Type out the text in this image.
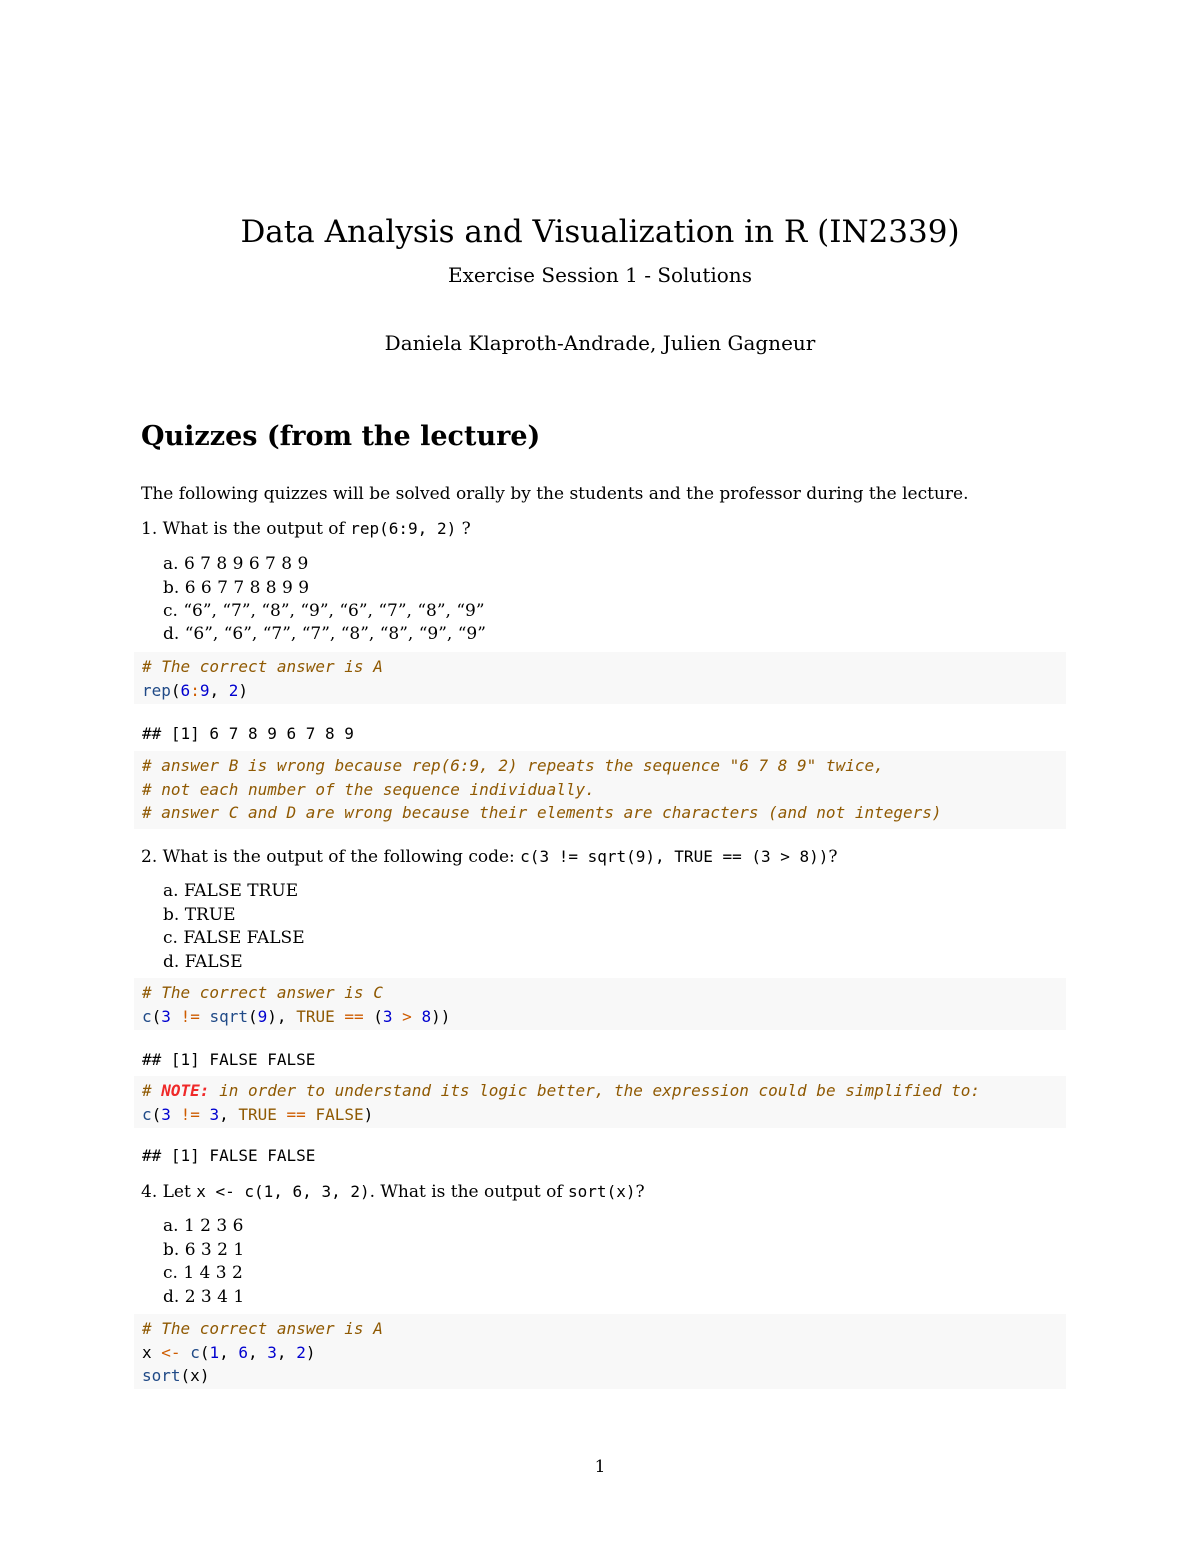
Data Analysis and Visualization in R (IN2339)
Exercise Session 1 - Solutions
Daniela Klaproth-Andrade, Julien Gagneur
Quizzes (from the lecture)
The following quizzes will be solved orally by the students and the professor during the lecture.
1. What is the output of rep(6:9, 2) ?
a. 6 7 8 9 6 7 8 9
b. 6 6 7 7 8 8 9 9
c. “6”, “7”, “8”, “9”, “6”, “7”, “8”, “9”
d. “6”, “6”, “7”, “7”, “8”, “8”, “9”, “9”
# The correct answer is A
rep(6:9, 2)
## [1] 6 7 8 9 6 7 8 9
# answer B is wrong because rep(6:9, 2) repeats the sequence "6 7 8 9" twice,
# not each number of the sequence individually.
# answer C and D are wrong because their elements are characters (and not integers)
2. What is the output of the following code: c(3 != sqrt(9), TRUE == (3 > 8))?
a. FALSE TRUE
b. TRUE
c. FALSE FALSE
d. FALSE
# The correct answer is C
c(3 != sqrt(9), TRUE == (3 > 8))
## [1] FALSE FALSE
# NOTE: in order to understand its logic better, the expression could be simplified to:
c(3 != 3, TRUE == FALSE)
## [1] FALSE FALSE
4. Let x <- c(1, 6, 3, 2). What is the output of sort(x)?
a. 1 2 3 6
b. 6 3 2 1
c. 1 4 3 2
d. 2 3 4 1
# The correct answer is A
x <- c(1, 6, 3, 2)
sort(x)
1
